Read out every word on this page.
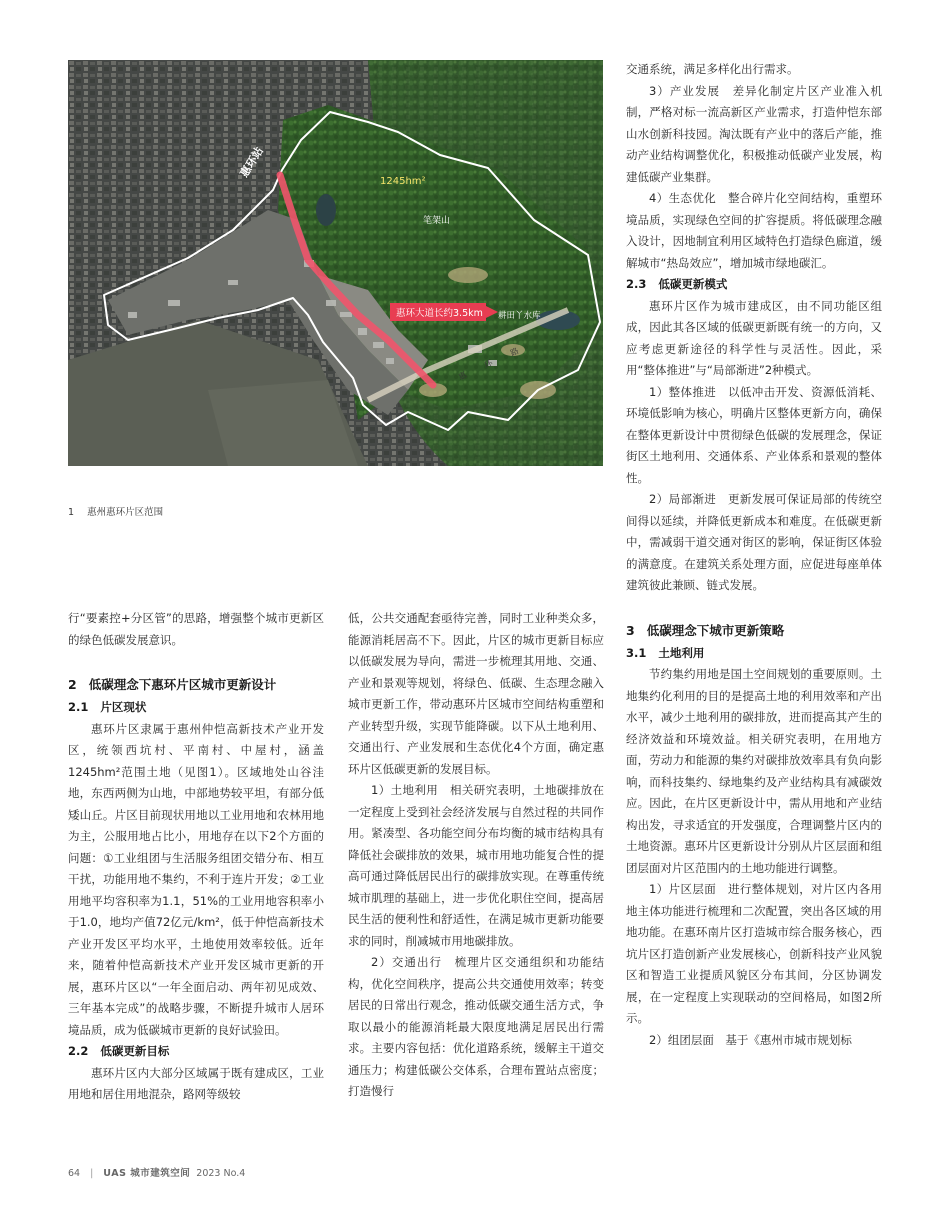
惠环站
1245hm²
笔架山
耕田丫水库
惠环大道长约3.5km
惠
环
路
1 惠州惠环片区范围

交通系统，满足多样化出行需求。

3）产业发展　差异化制定片区产业准入机制，严格对标一流高新区产业需求，打造仲恺东部山水创新科技园。淘汰既有产业中的落后产能，推动产业结构调整优化，积极推动低碳产业发展，构建低碳产业集群。

4）生态优化　整合碎片化空间结构，重塑环境品质，实现绿色空间的扩容提质。将低碳理念融入设计，因地制宜利用区域特色打造绿色廊道，缓解城市“热岛效应”，增加城市绿地碳汇。

2.3 低碳更新模式

惠环片区作为城市建成区，由不同功能区组成，因此其各区域的低碳更新既有统一的方向，又应考虑更新途径的科学性与灵活性。因此，采用“整体推进”与“局部渐进”2种模式。

1）整体推进　以低冲击开发、资源低消耗、环境低影响为核心，明确片区整体更新方向，确保在整体更新设计中贯彻绿色低碳的发展理念，保证街区土地利用、交通体系、产业体系和景观的整体性。

2）局部渐进　更新发展可保证局部的传统空间得以延续，并降低更新成本和难度。在低碳更新中，需减弱干道交通对街区的影响，保证街区体验的满意度。在建筑关系处理方面，应促进每座单体建筑彼此兼顾、链式发展。

3 低碳理念下城市更新策略
3.1 土地利用

节约集约用地是国土空间规划的重要原则。土地集约化利用的目的是提高土地的利用效率和产出水平，减少土地利用的碳排放，进而提高其产生的经济效益和环境效益。相关研究表明，在用地方面，劳动力和能源的集约对碳排放效率具有负向影响，而科技集约、绿地集约及产业结构具有减碳效应。因此，在片区更新设计中，需从用地和产业结构出发，寻求适宜的开发强度，合理调整片区内的土地资源。惠环片区更新设计分别从片区层面和组团层面对片区范围内的土地功能进行调整。

1）片区层面　进行整体规划，对片区内各用地主体功能进行梳理和二次配置，突出各区域的用地功能。在惠环南片区打造城市综合服务核心，西坑片区打造创新产业发展核心，创新科技产业风貌区和智造工业提质风貌区分布其间，分区协调发展，在一定程度上实现联动的空间格局，如图2所示。

2）组团层面　基于《惠州市城市规划标

行“要素控+分区管”的思路，增强整个城市更新区的绿色低碳发展意识。

2 低碳理念下惠环片区城市更新设计
2.1 片区现状

惠环片区隶属于惠州仲恺高新技术产业开发区，统领西坑村、平南村、中屋村，涵盖1245hm²范围土地（见图1）。区域地处山谷洼地，东西两侧为山地，中部地势较平坦，有部分低矮山丘。片区目前现状用地以工业用地和农林用地为主，公服用地占比小，用地存在以下2个方面的问题：①工业组团与生活服务组团交错分布、相互干扰，功能用地不集约，不利于连片开发；②工业用地平均容积率为1.1，51%的工业用地容积率小于1.0，地均产值72亿元/km²，低于仲恺高新技术产业开发区平均水平，土地使用效率较低。近年来，随着仲恺高新技术产业开发区城市更新的开展，惠环片区以“一年全面启动、两年初见成效、三年基本完成”的战略步骤，不断提升城市人居环境品质，成为低碳城市更新的良好试验田。

2.2 低碳更新目标

惠环片区内大部分区域属于既有建成区，工业用地和居住用地混杂，路网等级较

低，公共交通配套亟待完善，同时工业种类众多，能源消耗居高不下。因此，片区的城市更新目标应以低碳发展为导向，需进一步梳理其用地、交通、产业和景观等规划，将绿色、低碳、生态理念融入城市更新工作，带动惠环片区城市空间结构重塑和产业转型升级，实现节能降碳。以下从土地利用、交通出行、产业发展和生态优化4个方面，确定惠环片区低碳更新的发展目标。

1）土地利用　相关研究表明，土地碳排放在一定程度上受到社会经济发展与自然过程的共同作用。紧凑型、各功能空间分布均衡的城市结构具有降低社会碳排放的效果，城市用地功能复合性的提高可通过降低居民出行的碳排放实现。在尊重传统城市肌理的基础上，进一步优化职住空间，提高居民生活的便利性和舒适性，在满足城市更新功能要求的同时，削减城市用地碳排放。

2）交通出行　梳理片区交通组织和功能结构，优化空间秩序，提高公共交通使用效率；转变居民的日常出行观念，推动低碳交通生活方式，争取以最小的能源消耗最大限度地满足居民出行需求。主要内容包括：优化道路系统，缓解主干道交通压力；构建低碳公交体系，合理布置站点密度；打造慢行

64 | UAS 城市建筑空间 2023 No.4
